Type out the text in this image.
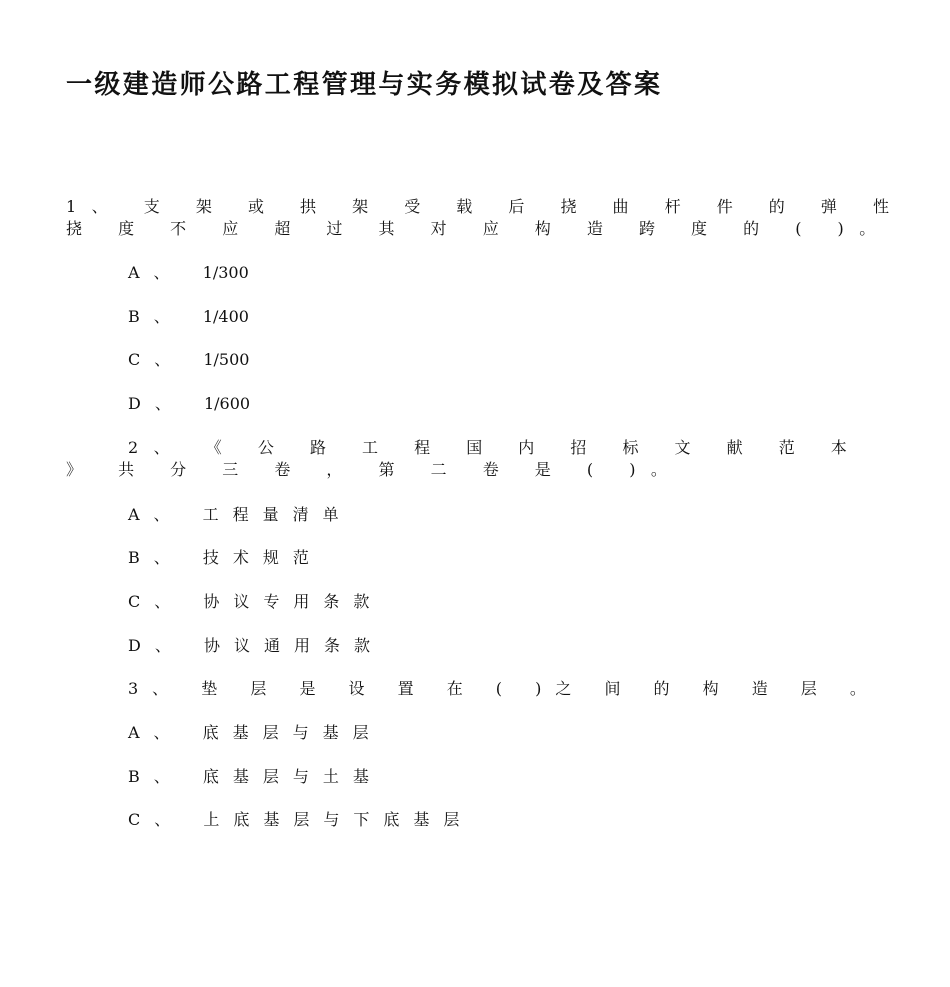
一级建造师公路工程管理与实务模拟试卷及答案
1、 支 架 或 拱 架 受 载 后 挠 曲 杆 件 的 弹 性 挠 度 不 应 超 过 其 对 应 构 造 跨 度 的 ( )。
A、 1/300
B、 1/400
C、 1/500
D、 1/600
2、 《 公 路 工 程 国 内 招 标 文 献 范 本 》 共 分 三 卷 ， 第 二 卷 是 ( )。
A、 工程量清单
B、 技术规范
C、 协议专用条款
D、 协议通用条款
3、 垫 层 是 设 置 在 ( )之 间 的 构 造 层 。
A、 底基层与基层
B、 底基层与土基
C、 上底基层与下底基层
